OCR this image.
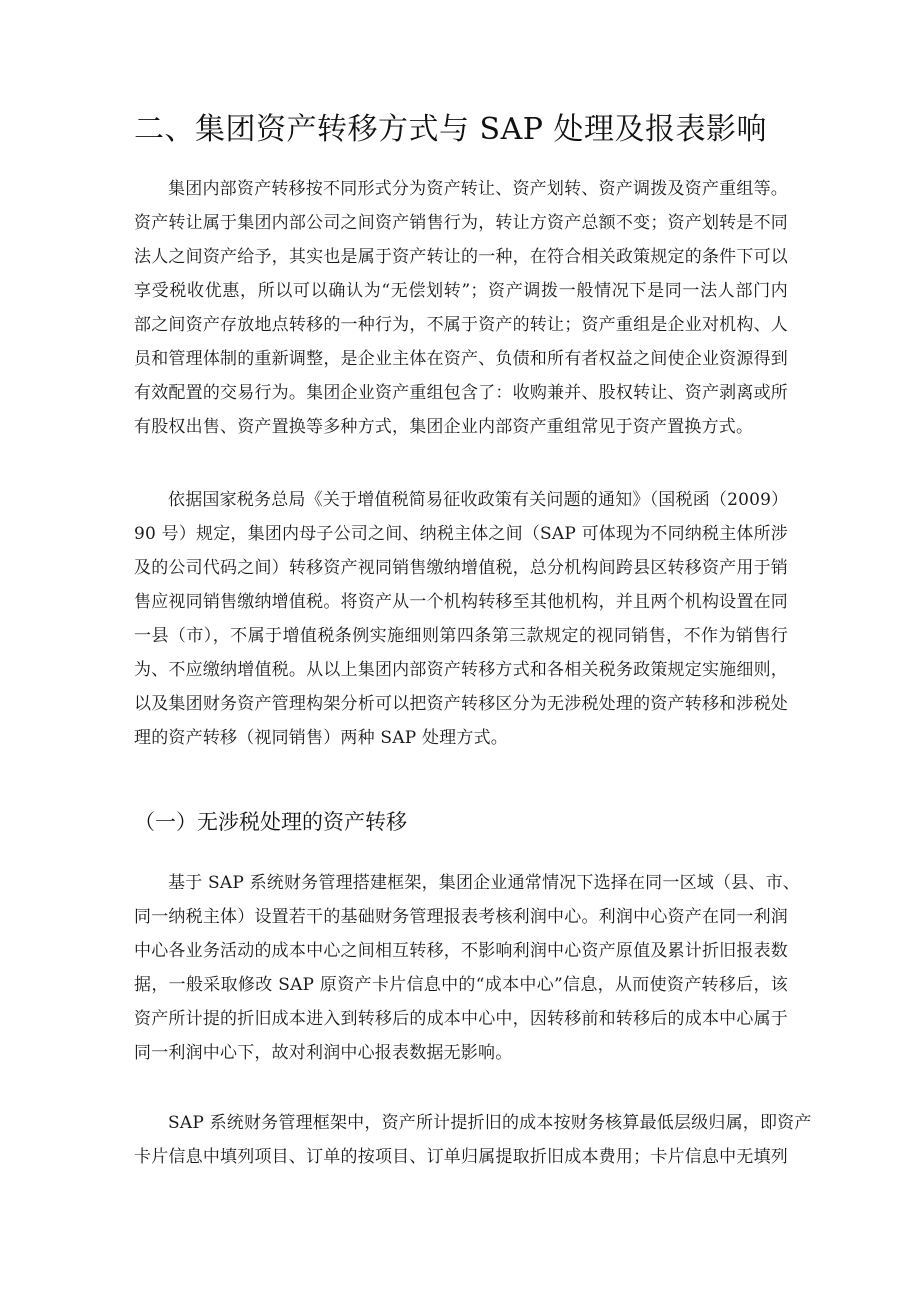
二、集团资产转移方式与 SAP 处理及报表影响
集团内部资产转移按不同形式分为资产转让、资产划转、资产调拨及资产重组等。
资产转让属于集团内部公司之间资产销售行为，转让方资产总额不变；资产划转是不同
法人之间资产给予，其实也是属于资产转让的一种，在符合相关政策规定的条件下可以
享受税收优惠，所以可以确认为“无偿划转”；资产调拨一般情况下是同一法人部门内
部之间资产存放地点转移的一种行为，不属于资产的转让；资产重组是企业对机构、人
员和管理体制的重新调整，是企业主体在资产、负债和所有者权益之间使企业资源得到
有效配置的交易行为。集团企业资产重组包含了：收购兼并、股权转让、资产剥离或所
有股权出售、资产置换等多种方式，集团企业内部资产重组常见于资产置换方式。
依据国家税务总局《关于增值税简易征收政策有关问题的通知》（国税函（2009）
90 号）规定，集团内母子公司之间、纳税主体之间（SAP 可体现为不同纳税主体所涉
及的公司代码之间）转移资产视同销售缴纳增值税，总分机构间跨县区转移资产用于销
售应视同销售缴纳增值税。将资产从一个机构转移至其他机构，并且两个机构设置在同
一县（市），不属于增值税条例实施细则第四条第三款规定的视同销售，不作为销售行
为、不应缴纳增值税。从以上集团内部资产转移方式和各相关税务政策规定实施细则，
以及集团财务资产管理构架分析可以把资产转移区分为无涉税处理的资产转移和涉税处
理的资产转移（视同销售）两种 SAP 处理方式。
（一）无涉税处理的资产转移
基于 SAP 系统财务管理搭建框架，集团企业通常情况下选择在同一区域（县、市、
同一纳税主体）设置若干的基础财务管理报表考核利润中心。利润中心资产在同一利润
中心各业务活动的成本中心之间相互转移，不影响利润中心资产原值及累计折旧报表数
据，一般采取修改 SAP 原资产卡片信息中的“成本中心”信息，从而使资产转移后，该
资产所计提的折旧成本进入到转移后的成本中心中，因转移前和转移后的成本中心属于
同一利润中心下，故对利润中心报表数据无影响。
SAP 系统财务管理框架中，资产所计提折旧的成本按财务核算最低层级归属，即资产
卡片信息中填列项目、订单的按项目、订单归属提取折旧成本费用；卡片信息中无填列
